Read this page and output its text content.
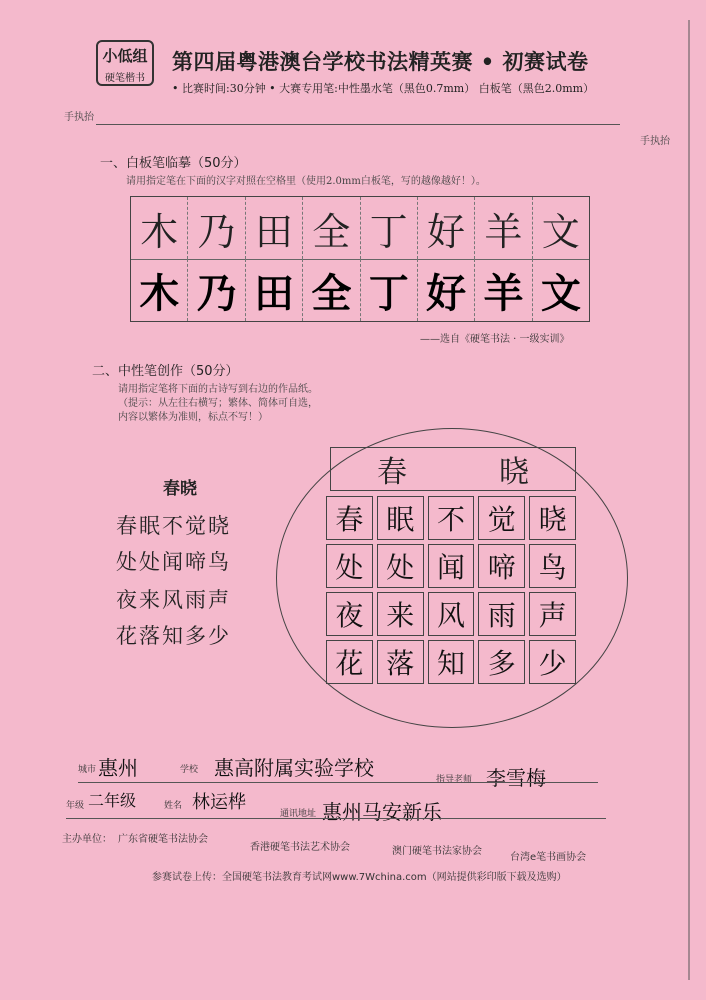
小低组
硬笔楷书
第四届粤港澳台学校书法精英赛 • 初赛试卷
• 比赛时间:30分钟 • 大赛专用笔:中性墨水笔（黑色0.7mm） 白板笔（黑色2.0mm）
手执抬
手执抬
一、白板笔临摹（50分）
请用指定笔在下面的汉字对照在空格里（使用2.0mm白板笔，写的越像越好！）。
木 乃 田 全 丁 好 羊 文
木 乃 田 全 丁 好 羊 文
——选自《硬笔书法 · 一级实训》
二、中性笔创作（50分）
请用指定笔将下面的古诗写到右边的作品纸。
（提示：从左往右横写；繁体、简体可自选，
内容以繁体为准则，标点不写！）
春晓
春眠不觉晓
处处闻啼鸟
夜来风雨声
花落知多少
春	晓
春 眠 不 觉 晓
处 处 闻 啼 鸟
夜 来 风 雨 声
花 落 知 多 少
城市 惠州	学校 惠高附属实验学校	指导老师 李雪梅
年级 二年级	姓名 林运桦
通讯地址 惠州马安新乐
主办单位： 广东省硬笔书法协会
香港硬笔书法艺术协会	澳门硬笔书法家协会
台湾e笔书画协会
参赛试卷上传：全国硬笔书法教育考试网www.7Wchina.com（网站提供彩印版下载及选购）
